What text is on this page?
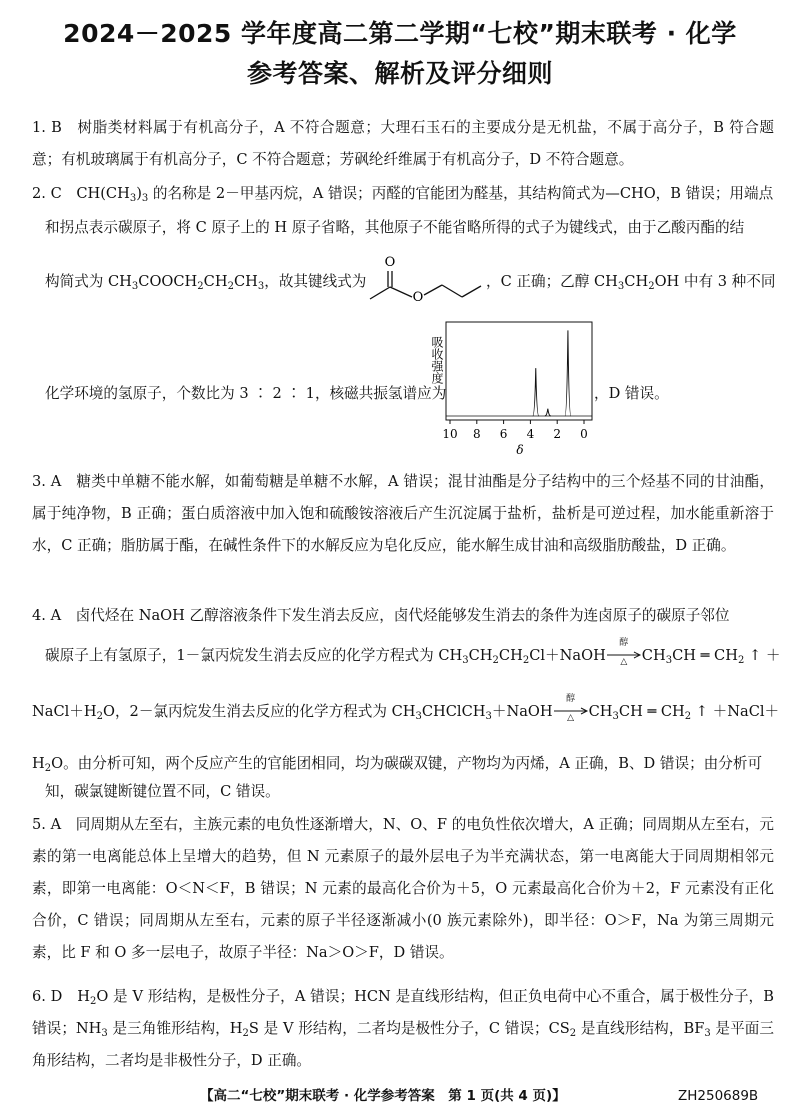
2024－2025 学年度高二第二学期“七校”期末联考 · 化学
参考答案、解析及评分细则

1. B　树脂类材料属于有机高分子，A 不符合题意；大理石玉石的主要成分是无机盐，不属于高分子，B 符合题意；有机玻璃属于有机高分子，C 不符合题意；芳砜纶纤维属于有机高分子，D 不符合题意。

2. C　$CH(CH_3)_3$ 的名称是 2－甲基丙烷，A 错误；丙醛的官能团为醛基，其结构简式为—CHO，B 错误；用端点
和拐点表示碳原子，将 C 原子上的 H 原子省略，其他原子不能省略所得的式子为键线式，由于乙酸丙酯的结
构简式为 $CH_3COOCH_2CH_2CH_3$，故其键线式为	，C 正确；乙醇 $CH_3CH_2OH$ 中有 3 种不同
O
O
化学环境的氢原子，个数比为 3 ∶ 2 ∶ 1，核磁共振氢谱应为	，D 错误。
吸收强度
10 8 6 4 2 0
δ

3. A　糖类中单糖不能水解，如葡萄糖是单糖不水解，A 错误；混甘油酯是分子结构中的三个烃基不同的甘油酯，属于纯净物，B 正确；蛋白质溶液中加入饱和硫酸铵溶液后产生沉淀属于盐析，盐析是可逆过程，加水能重新溶于水，C 正确；脂肪属于酯，在碱性条件下的水解反应为皂化反应，能水解生成甘油和高级脂肪酸盐，D 正确。

4. A　卤代烃在 NaOH 乙醇溶液条件下发生消去反应，卤代烃能够发生消去的条件为连卤原子的碳原子邻位
碳原子上有氢原子，1－氯丙烷发生消去反应的化学方程式为 $CH_3CH_2CH_2Cl+NaOH$
醇
△ $CH_3CH$ ═ $CH_2$ ↑ ＋
$NaCl+H_2O$，2－氯丙烷发生消去反应的化学方程式为 $CH_3CHClCH_3+NaOH$
醇
△ $CH_3CH$ ═ $CH_2$ ↑ ＋NaCl＋
$H_2O$。由分析可知，两个反应产生的官能团相同，均为碳碳双键，产物均为丙烯，A 正确，B、D 错误；由分析可
知，碳氯键断键位置不同，C 错误。

5. A　同周期从左至右，主族元素的电负性逐渐增大，N、O、F 的电负性依次增大，A 正确；同周期从左至右，元素的第一电离能总体上呈增大的趋势，但 N 元素原子的最外层电子为半充满状态，第一电离能大于同周期相邻元素，即第一电离能：O＜N＜F，B 错误；N 元素的最高化合价为＋5，O 元素最高化合价为＋2，F 元素没有正化合价，C 错误；同周期从左至右，元素的原子半径逐渐减小(0 族元素除外)，即半径：O＞F，Na 为第三周期元素，比 F 和 O 多一层电子，故原子半径：Na＞O＞F，D 错误。

6. D　$H_2O$ 是 V 形结构，是极性分子，A 错误；HCN 是直线形结构，但正负电荷中心不重合，属于极性分子，B 错误；$NH_3$ 是三角锥形结构，$H_2S$ 是 V 形结构，二者均是极性分子，C 错误；$CS_2$ 是直线形结构，$BF_3$ 是平面三角形结构，二者均是非极性分子，D 正确。

【高二“七校”期末联考 · 化学参考答案　第 1 页(共 4 页)】	ZH250689B
